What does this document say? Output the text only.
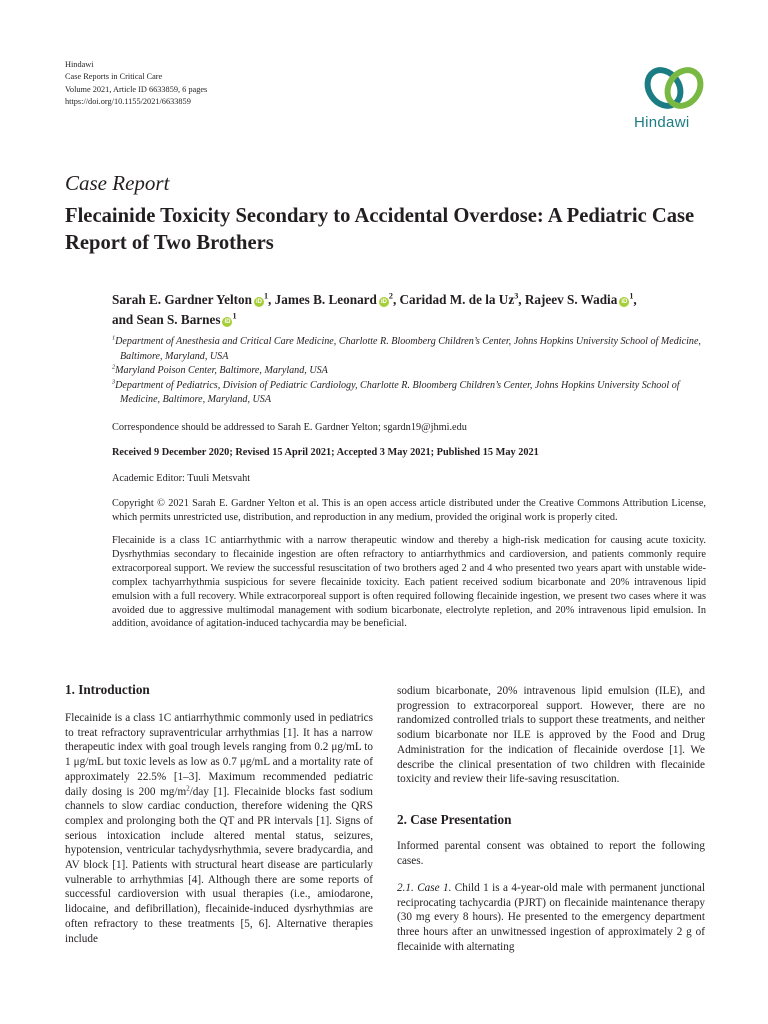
Hindawi
Case Reports in Critical Care
Volume 2021, Article ID 6633859, 6 pages
https://doi.org/10.1155/2021/6633859
Hindawi
Case Report
Flecainide Toxicity Secondary to Accidental Overdose: A Pediatric Case Report of Two Brothers
Sarah E. Gardner Yelton $iD^1$, James B. Leonard $iD^2$, Caridad M. de la Uz$^3$, Rajeev S. Wadia $iD^1$,
and Sean S. Barnes $iD^1$

$^1$Department of Anesthesia and Critical Care Medicine, Charlotte R. Bloomberg Children’s Center, Johns Hopkins University School of Medicine, Baltimore, Maryland, USA

$^2$Maryland Poison Center, Baltimore, Maryland, USA

$^3$Department of Pediatrics, Division of Pediatric Cardiology, Charlotte R. Bloomberg Children’s Center, Johns Hopkins University School of Medicine, Baltimore, Maryland, USA

Correspondence should be addressed to Sarah E. Gardner Yelton; sgardn19@jhmi.edu
Received 9 December 2020; Revised 15 April 2021; Accepted 3 May 2021; Published 15 May 2021
Academic Editor: Tuuli Metsvaht
Copyright © 2021 Sarah E. Gardner Yelton et al. This is an open access article distributed under the Creative Commons Attribution License, which permits unrestricted use, distribution, and reproduction in any medium, provided the original work is properly cited.

Flecainide is a class 1C antiarrhythmic with a narrow therapeutic window and thereby a high-risk medication for causing acute toxicity. Dysrhythmias secondary to flecainide ingestion are often refractory to antiarrhythmics and cardioversion, and patients commonly require extracorporeal support. We review the successful resuscitation of two brothers aged 2 and 4 who presented two years apart with unstable wide-complex tachyarrhythmia suspicious for severe flecainide toxicity. Each patient received sodium bicarbonate and 20% intravenous lipid emulsion with a full recovery. While extracorporeal support is often required following flecainide ingestion, we present two cases where it was avoided due to aggressive multimodal management with sodium bicarbonate, electrolyte repletion, and 20% intravenous lipid emulsion. In addition, avoidance of agitation-induced tachycardia may be beneficial.

1. Introduction

Flecainide is a class 1C antiarrhythmic commonly used in pediatrics to treat refractory supraventricular arrhythmias [1]. It has a narrow therapeutic index with goal trough levels ranging from 0.2 μg/mL to 1 μg/mL but toxic levels as low as 0.7 μg/mL and a mortality rate of approximately 22.5% [1–3]. Maximum recommended pediatric daily dosing is 200 $mg/m^2$/day [1]. Flecainide blocks fast sodium channels to slow cardiac conduction, therefore widening the QRS complex and prolonging both the QT and PR intervals [1]. Signs of serious intoxication include altered mental status, seizures, hypotension, ventricular tachydysrhythmia, severe bradycardia, and AV block [1]. Patients with structural heart disease are particularly vulnerable to arrhythmias [4]. Although there are some reports of successful cardioversion with usual therapies (i.e., amiodarone, lidocaine, and defibrillation), flecainide-induced dysrhythmias are often refractory to these treatments [5, 6]. Alternative therapies include

sodium bicarbonate, 20% intravenous lipid emulsion (ILE), and progression to extracorporeal support. However, there are no randomized controlled trials to support these treatments, and neither sodium bicarbonate nor ILE is approved by the Food and Drug Administration for the indication of flecainide overdose [1]. We describe the clinical presentation of two children with flecainide toxicity and review their life-saving resuscitation.

2. Case Presentation
Informed parental consent was obtained to report the following cases.

2.1. Case 1. Child 1 is a 4-year-old male with permanent junctional reciprocating tachycardia (PJRT) on flecainide maintenance therapy (30 mg every 8 hours). He presented to the emergency department three hours after an unwitnessed ingestion of approximately 2 g of flecainide with alternating
